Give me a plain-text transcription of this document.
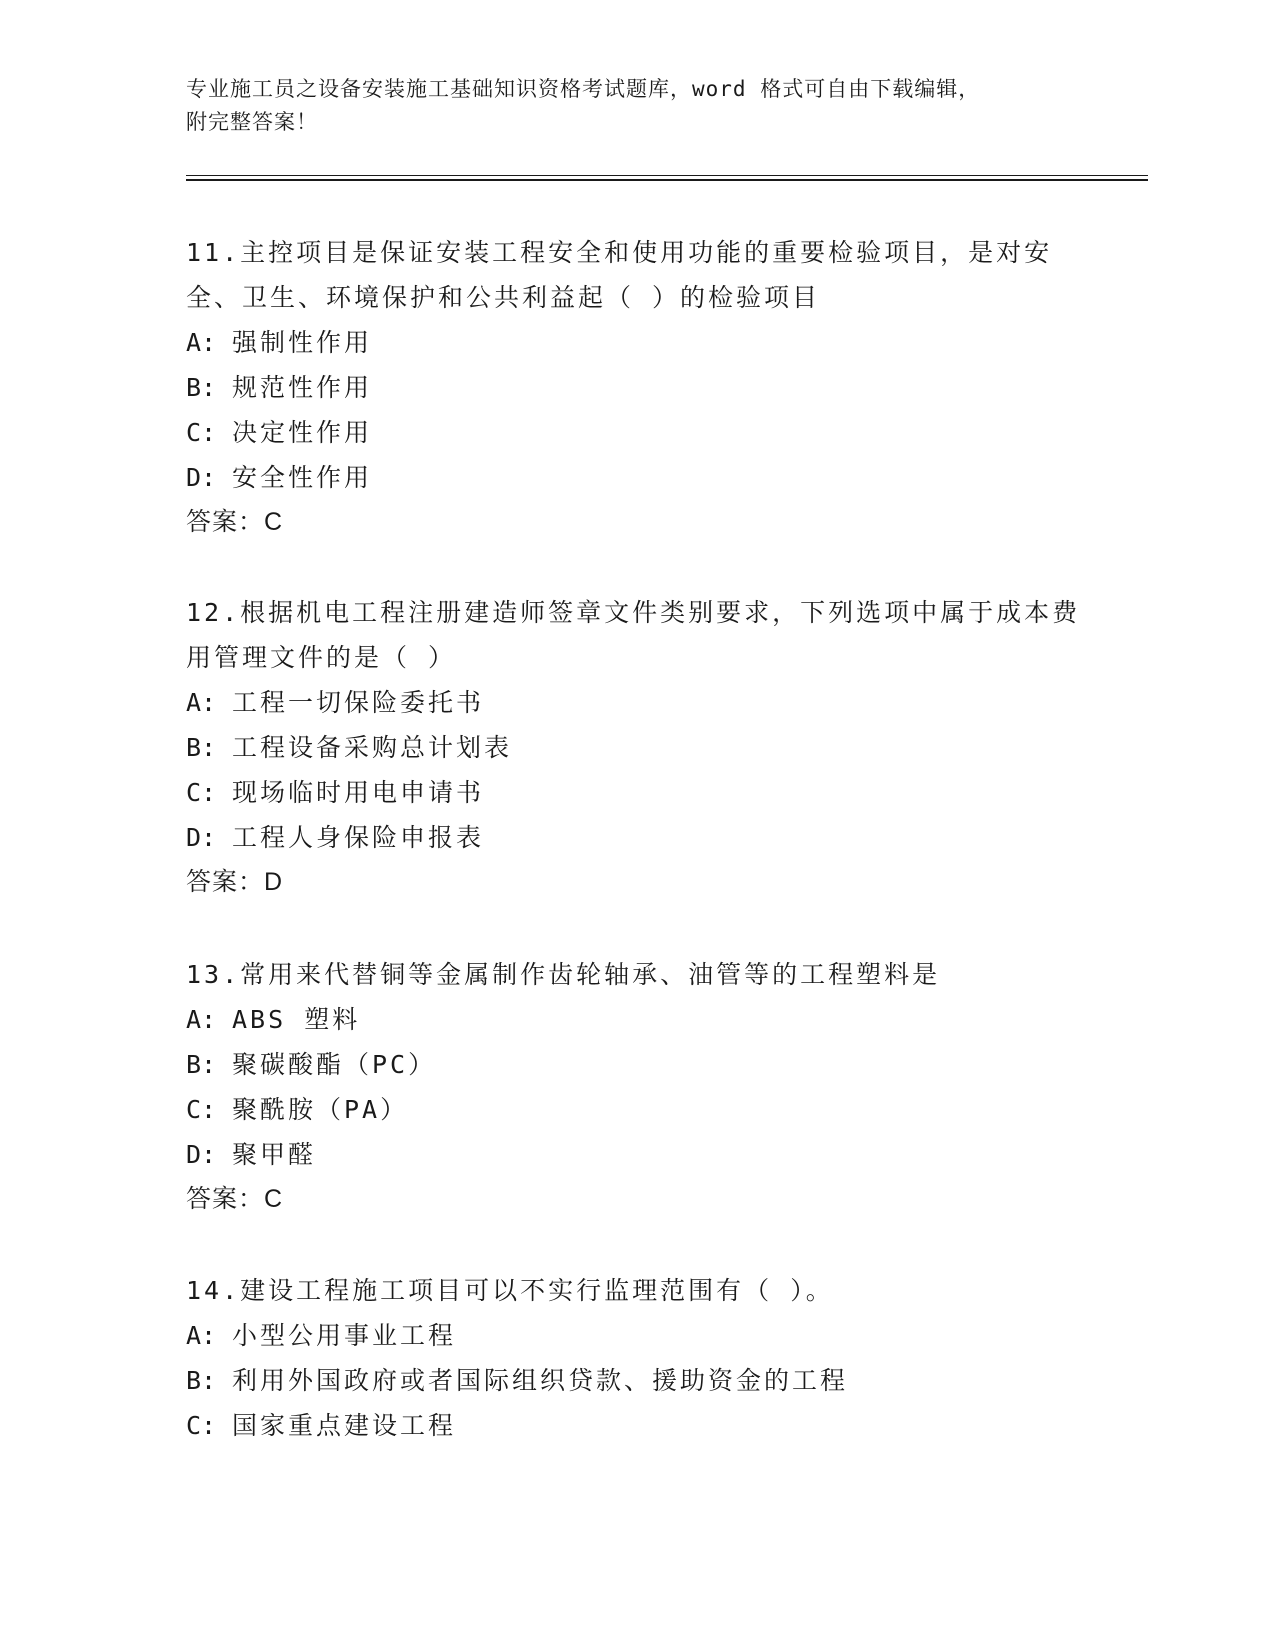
专业施工员之设备安装施工基础知识资格考试题库，word 格式可自由下载编辑，
附完整答案！

11.主控项目是保证安装工程安全和使用功能的重要检验项目，是对安全、卫生、环境保护和公共利益起（ ）的检验项目

A: 强制性作用

B: 规范性作用

C: 决定性作用

D: 安全性作用

答案：C

12.根据机电工程注册建造师签章文件类别要求，下列选项中属于成本费用管理文件的是（ ）

A: 工程一切保险委托书

B: 工程设备采购总计划表

C: 现场临时用电申请书

D: 工程人身保险申报表

答案：D

13.常用来代替铜等金属制作齿轮轴承、油管等的工程塑料是

A: ABS 塑料

B: 聚碳酸酯（PC）

C: 聚酰胺（PA）

D: 聚甲醛

答案：C

14.建设工程施工项目可以不实行监理范围有（ ）。

A: 小型公用事业工程

B: 利用外国政府或者国际组织贷款、援助资金的工程

C: 国家重点建设工程
